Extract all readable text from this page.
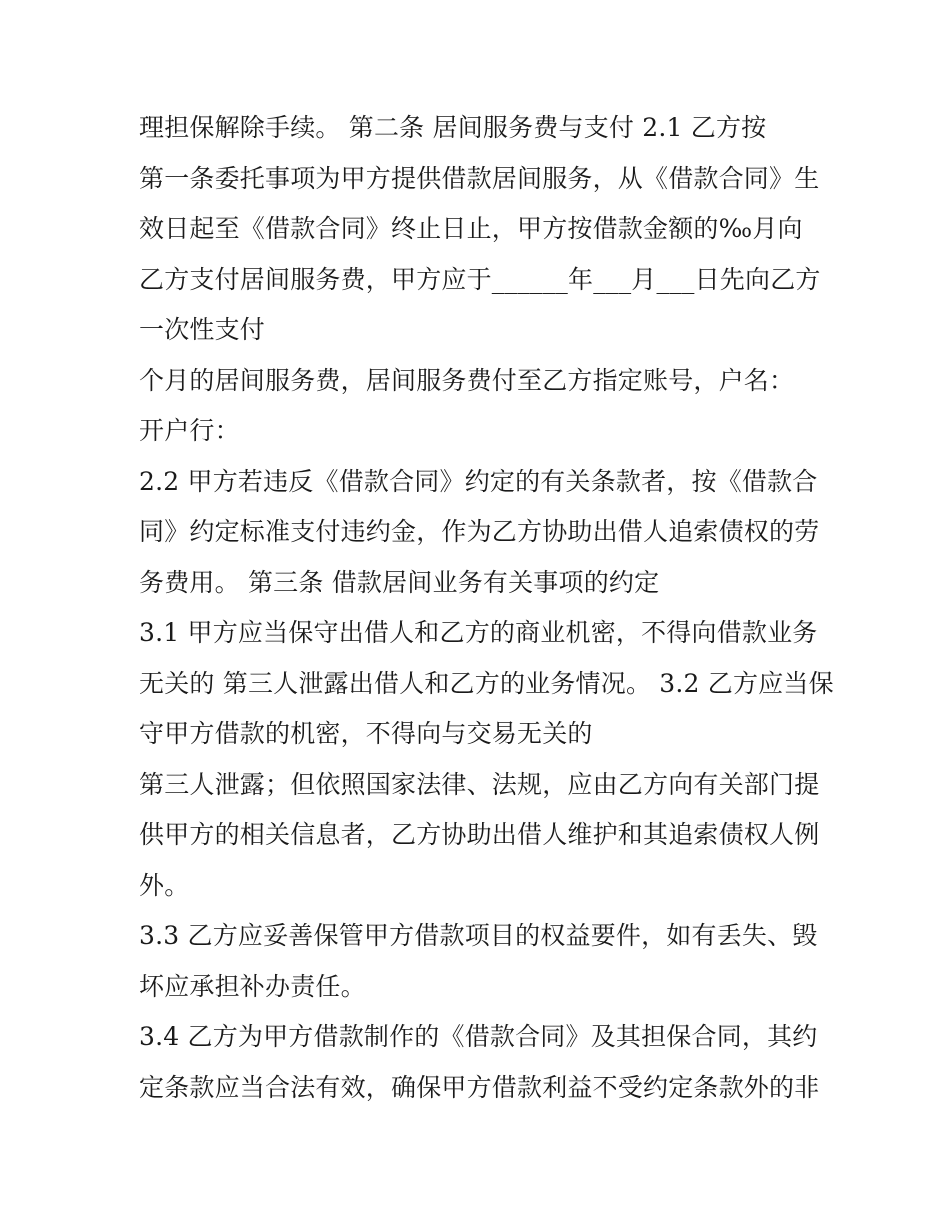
理担保解除手续。 第二条 居间服务费与支付 2.1 乙方按
第一条委托事项为甲方提供借款居间服务，从《借款合同》生
效日起至《借款合同》终止日止，甲方按借款金额的‰月向
乙方支付居间服务费，甲方应于______年___月___日先向乙方
一次性支付
个月的居间服务费，居间服务费付至乙方指定账号，户名：
开户行：
2.2 甲方若违反《借款合同》约定的有关条款者，按《借款合
同》约定标准支付违约金，作为乙方协助出借人追索债权的劳
务费用。 第三条 借款居间业务有关事项的约定
3.1 甲方应当保守出借人和乙方的商业机密，不得向借款业务
无关的 第三人泄露出借人和乙方的业务情况。 3.2 乙方应当保
守甲方借款的机密，不得向与交易无关的
第三人泄露；但依照国家法律、法规，应由乙方向有关部门提
供甲方的相关信息者，乙方协助出借人维护和其追索债权人例
外。
3.3 乙方应妥善保管甲方借款项目的权益要件，如有丢失、毁
坏应承担补办责任。
3.4 乙方为甲方借款制作的《借款合同》及其担保合同，其约
定条款应当合法有效，确保甲方借款利益不受约定条款外的非
